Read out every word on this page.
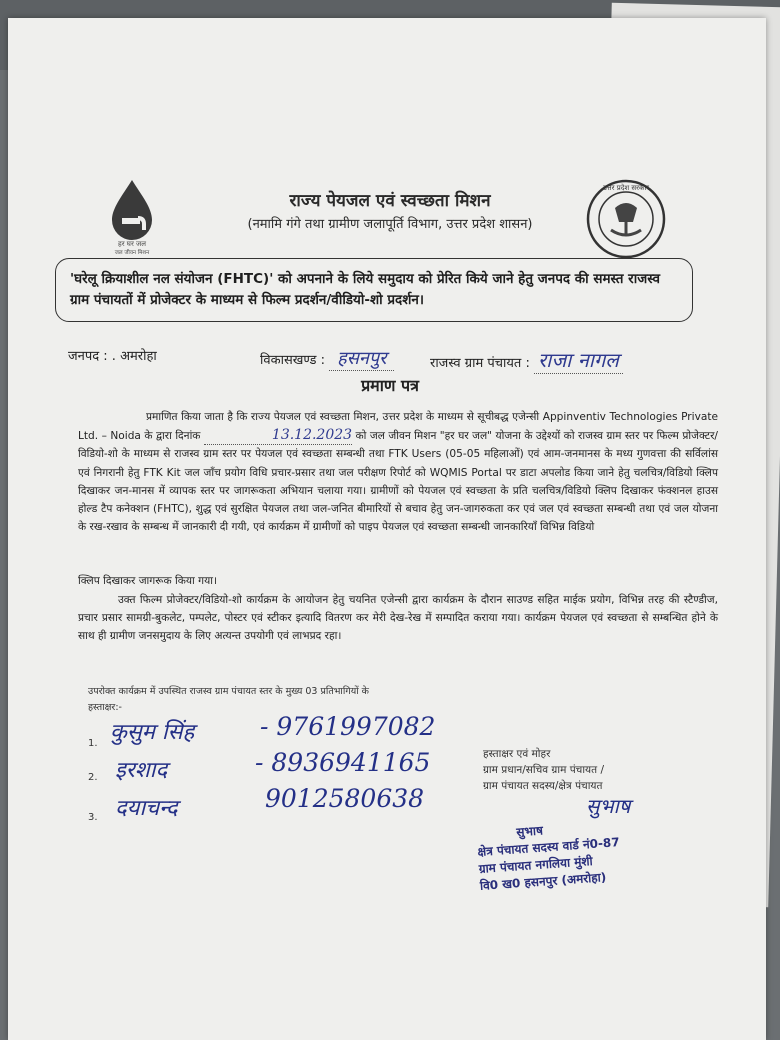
हर घर जल
जल जीवन मिशन
उत्तर प्रदेश सरकार
राज्य पेयजल एवं स्वच्छता मिशन
(नमामि गंगे तथा ग्रामीण जलापूर्ति विभाग, उत्तर प्रदेश शासन)
'घरेलू क्रियाशील नल संयोजन (FHTC)' को अपनाने के लिये समुदाय को प्रेरित किये जाने हेतु जनपद की समस्त राजस्व ग्राम पंचायतों में प्रोजेक्टर के माध्यम से फिल्म प्रदर्शन/वीडियो-शो प्रदर्शन।
जनपद : . अमरोहा	विकासखण्ड : हसनपुर	राजस्व ग्राम पंचायत : राजा नागल
प्रमाण पत्र

प्रमाणित किया जाता है कि राज्य पेयजल एवं स्वच्छता मिशन, उत्तर प्रदेश के माध्यम से सूचीबद्ध एजेन्सी Appinventiv Technologies Private Ltd. – Noida के द्वारा दिनांक	13.12.2023 को जल जीवन मिशन "हर घर जल" योजना के उद्देश्यों को राजस्व ग्राम स्तर पर फिल्म प्रोजेक्टर/विडियो-शो के माध्यम से राजस्व ग्राम स्तर पर पेयजल एवं स्वच्छता सम्बन्धी तथा FTK Users (05-05 महिलाओं) एवं आम-जनमानस के मध्य गुणवत्ता की सर्विलांस एवं निगरानी हेतु FTK Kit जल जाँच प्रयोग विधि प्रचार-प्रसार तथा जल परीक्षण रिपोर्ट को WQMIS Portal पर डाटा अपलोड किया जाने हेतु चलचित्र/विडियो क्लिप दिखाकर जन-मानस में व्यापक स्तर पर जागरूकता अभियान चलाया गया। ग्रामीणों को पेयजल एवं स्वच्छता के प्रति चलचित्र/विडियो क्लिप दिखाकर फंक्शनल हाउस होल्ड टैप कनेक्शन (FHTC), शुद्ध एवं सुरक्षित पेयजल तथा जल-जनित बीमारियों से बचाव हेतु जन-जागरुकता कर एवं जल एवं स्वच्छता सम्बन्धी तथा एवं जल योजना के रख-रखाव के सम्बन्ध में जानकारी दी गयी, एवं कार्यक्रम में ग्रामीणों को पाइप पेयजल एवं स्वच्छता सम्बन्धी जानकारियाँ विभिन्न विडियो

क्लिप दिखाकर जागरूक किया गया।
उक्त फिल्म प्रोजेक्टर/विडियो-शो कार्यक्रम के आयोजन हेतु चयनित एजेन्सी द्वारा कार्यक्रम के दौरान साउण्ड सहित माईक प्रयोग, विभिन्न तरह की स्टैण्डीज, प्रचार प्रसार सामग्री-बुकलेट, पम्पलेट, पोस्टर एवं स्टीकर इत्यादि वितरण कर मेरी देख-रेख में सम्पादित कराया गया। कार्यक्रम पेयजल एवं स्वच्छता से सम्बन्धित होने के साथ ही ग्रामीण जनसमुदाय के लिए अत्यन्त उपयोगी एवं लाभप्रद रहा।
उपरोक्त कार्यक्रम में उपस्थित राजस्व ग्राम पंचायत स्तर के मुख्य 03 प्रतिभागियों के
हस्ताक्षर:-
1. कुसुम सिंह	- 9761997082
2. इरशाद	- 8936941165
3. दयाचन्द	9012580638
हस्ताक्षर एवं मोहर
ग्राम प्रधान/सचिव ग्राम पंचायत /
ग्राम पंचायत सदस्य/क्षेत्र पंचायत
सुभाष
सुभाष
क्षेत्र पंचायत सदस्य वार्ड नं0-87
ग्राम पंचायत नगलिया मुंशी
वि0 ख0 हसनपुर (अमरोहा)
